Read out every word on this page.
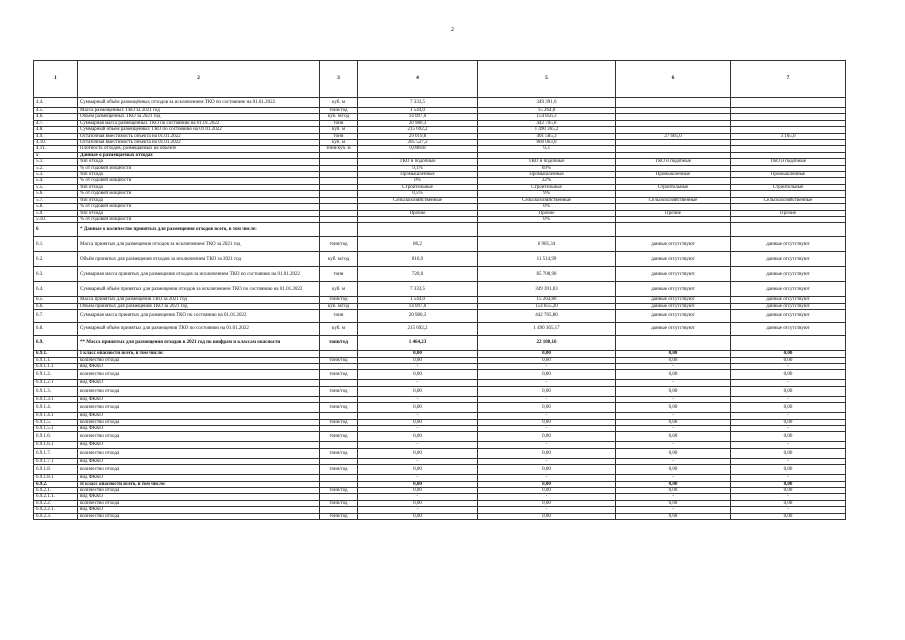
2
1	2	3	4	5	6	7
4.4.	Суммарный объём размещённых отходов за исключением ТКО по состоянию на 01.01.2022	куб. м	7 333,5	349 391,6		
4.5.	Масса размещённых ТКО за 2021 год	тонн/год	1 544,0	15 264,8		
4.6.	Объём размещённых ТКО за 2021 год	куб. м/год	14 097,0	154 856,3		
4.7.	Суммарная масса размещённых ТКО по состоянию на 01.01.2022	тонн	20 980,3	442 705,8		
4.8.	Суммарный объём размещённых ТКО по состоянию на 01.01.2022	куб. м	215 692,2	1 490 365,2		
4.9.	Остаточная вместимость объекта на 01.01.2022	тонн	29 019,8	401 585,3	27 605,0	3 165,0
4.10.	Остаточная вместимость объекта на 01.01.2022	куб. м	205 527,2	860 063,0		
4.11.	Плотность отходов, размещаемых на объекте	тонн/куб. м	0,09818	0,3		
5	Данные о размещаемых отходах					
5.1.	тип отхода		ТКО и подобные	ТКО и подобные	ТКО и подобные	ТКО и подобные
5.2.	% от годовой мощности		9,1%	69%		
5.3.	тип отхода		Промышленные	Промышленные	Промышленные	Промышленные
5.4.	% от годовой мощности		0%	22%		
5.5.	тип отхода		Строительные	Строительные	Строительные	Строительные
5.6.	% от годовой мощности		0,5%	9%		
5.7.	тип отхода		Сельскохозяйственные	Сельскохозяйственные	Сельскохозяйственные	Сельскохозяйственные
5.8.	% от годовой мощности			0%		
5.9.	тип отхода		Прочие	Прочие	Прочие	Прочие
5.10.	% от годовой мощности			0%		
6	* Данные о количестве принятых для размещения отходов всего, в том числе:					
6.1.	Масса принятых для размещения отходов за исключением ТКО за 2021 год	тонн/год	80,2	6 905,34	данные отсутствуют	данные отсутствуют
6.2.	Объём принятых для размещения отходов за исключением ТКО за 2021 год	куб. м/год	816,9	11 514,99	данные отсутствуют	данные отсутствуют
6.3.	Суммарная масса принятых для размещения отходов за исключением ТКО по состоянию на 01.01.2022	тонн	720,0	85 708,90	данные отсутствуют	данные отсутствуют
6.4.	Суммарный объём принятых для размещения отходов за исключением ТКО по состоянию на 01.01.2022	куб. м	7 333,5	349 391,03	данные отсутствуют	данные отсутствуют
6.5.	Масса принятых для размещения ТКО за 2021 год	тонн/год	1 544,0	15 264,80	данные отсутствуют	данные отсутствуют
6.6.	Объём принятых для размещения ТКО за 2021 год	куб. м/год	14 097,0	154 855,20	данные отсутствуют	данные отсутствуют
6.7.	Суммарная масса принятых для размещения ТКО по состоянию на 01.01.2022	тонн	20 980,3	442 705,80	данные отсутствуют	данные отсутствуют
6.8.	Суммарный объём принятых для размещения ТКО по состоянию на 01.01.2022	куб. м	215 692,2	1 490 365,17	данные отсутствуют	данные отсутствуют
6.9.	** Масса принятых для размещения отходов в 2021 год по шифрам и классам опасности	тонн/год	1 464,23	22 108,16		
6.9.1.	I класс опасности всего, в том числе:		0,00	0,00	0,00	0,00
6.9.1.1.	количество отхода	тонн/год	0,00	0,00	0,00	0,00
6.9.1.1.1	вид ФККО		-	-	-	-
6.9.1.2.	количество отхода	тонн/год	0,00	0,00	0,00	0,00
6.9.1.2.1	вид ФККО		-	-	-	-
6.9.1.3.	количество отхода	тонн/год	0,00	0,00	0,00	0,00
6.9.1.3.1	вид ФККО		-	-	-	-
6.9.1.4.	количество отхода	тонн/год	0,00	0,00	0,00	0,00
6.9.1.4.1	вид ФККО		-	-	-	-
6.9.1.5.	количество отхода	тонн/год	0,00	0,00	0,00	0,00
6.9.1.5.1	вид ФККО		-	-	-	-
6.9.1.6.	количество отхода	тонн/год	0,00	0,00	0,00	0,00
6.9.1.6.1	вид ФККО		-	-	-	-
6.9.1.7.	количество отхода	тонн/год	0,00	0,00	0,00	0,00
6.9.1.7.1	вид ФККО		-	-	-	-
6.9.1.8.	количество отхода	тонн/год	0,00	0,00	0,00	0,00
6.9.1.8.1	вид ФККО		-	-	-	-
6.9.2.	II класс опасности всего, в том числе:		0,00	0,00	0,00	0,00
6.9.2.1.	количество отхода	тонн/год	0,00	0,00	0,00	0,00
6.9.2.1.1.	вид ФККО		-	-	-	-
6.9.2.2.	количество отхода	тонн/год	0,00	0,00	0,00	0,00
6.9.2.2.1.	вид ФККО		-	-	-	-
6.9.2.3.	количество отхода	тонн/год	0,00	0,00	0,00	0,00
